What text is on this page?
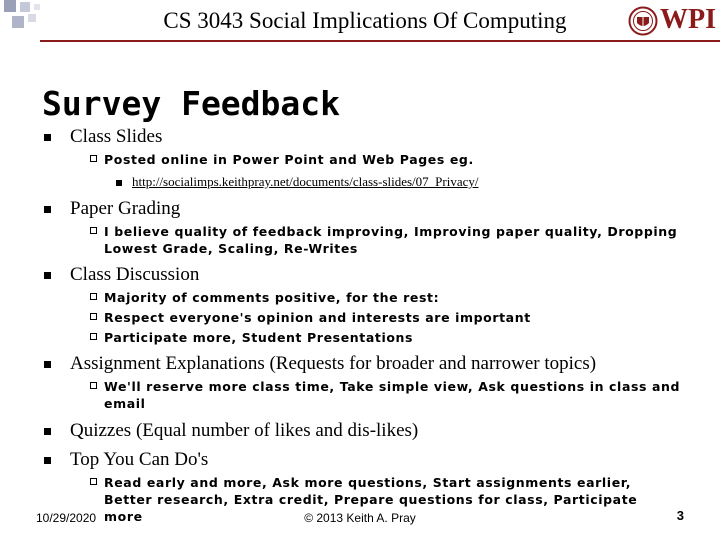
CS 3043 Social Implications Of Computing	WPI
Survey Feedback
Class Slides
Posted online in Power Point and Web Pages eg.
http://socialimps.keithpray.net/documents/class-slides/07_Privacy/
Paper Grading
I believe quality of feedback improving, Improving paper quality, Dropping Lowest Grade, Scaling, Re-Writes
Class Discussion
Majority of comments positive, for the rest:
Respect everyone's opinion and interests are important
Participate more, Student Presentations
Assignment Explanations (Requests for broader and narrower topics)
We'll reserve more class time, Take simple view, Ask questions in class and email
Quizzes (Equal number of likes and dis-likes)
Top You Can Do's
Read early and more, Ask more questions, Start assignments earlier, Better research, Extra credit, Prepare questions for class, Participate more
10/29/2020	© 2013 Keith A. Pray	3
